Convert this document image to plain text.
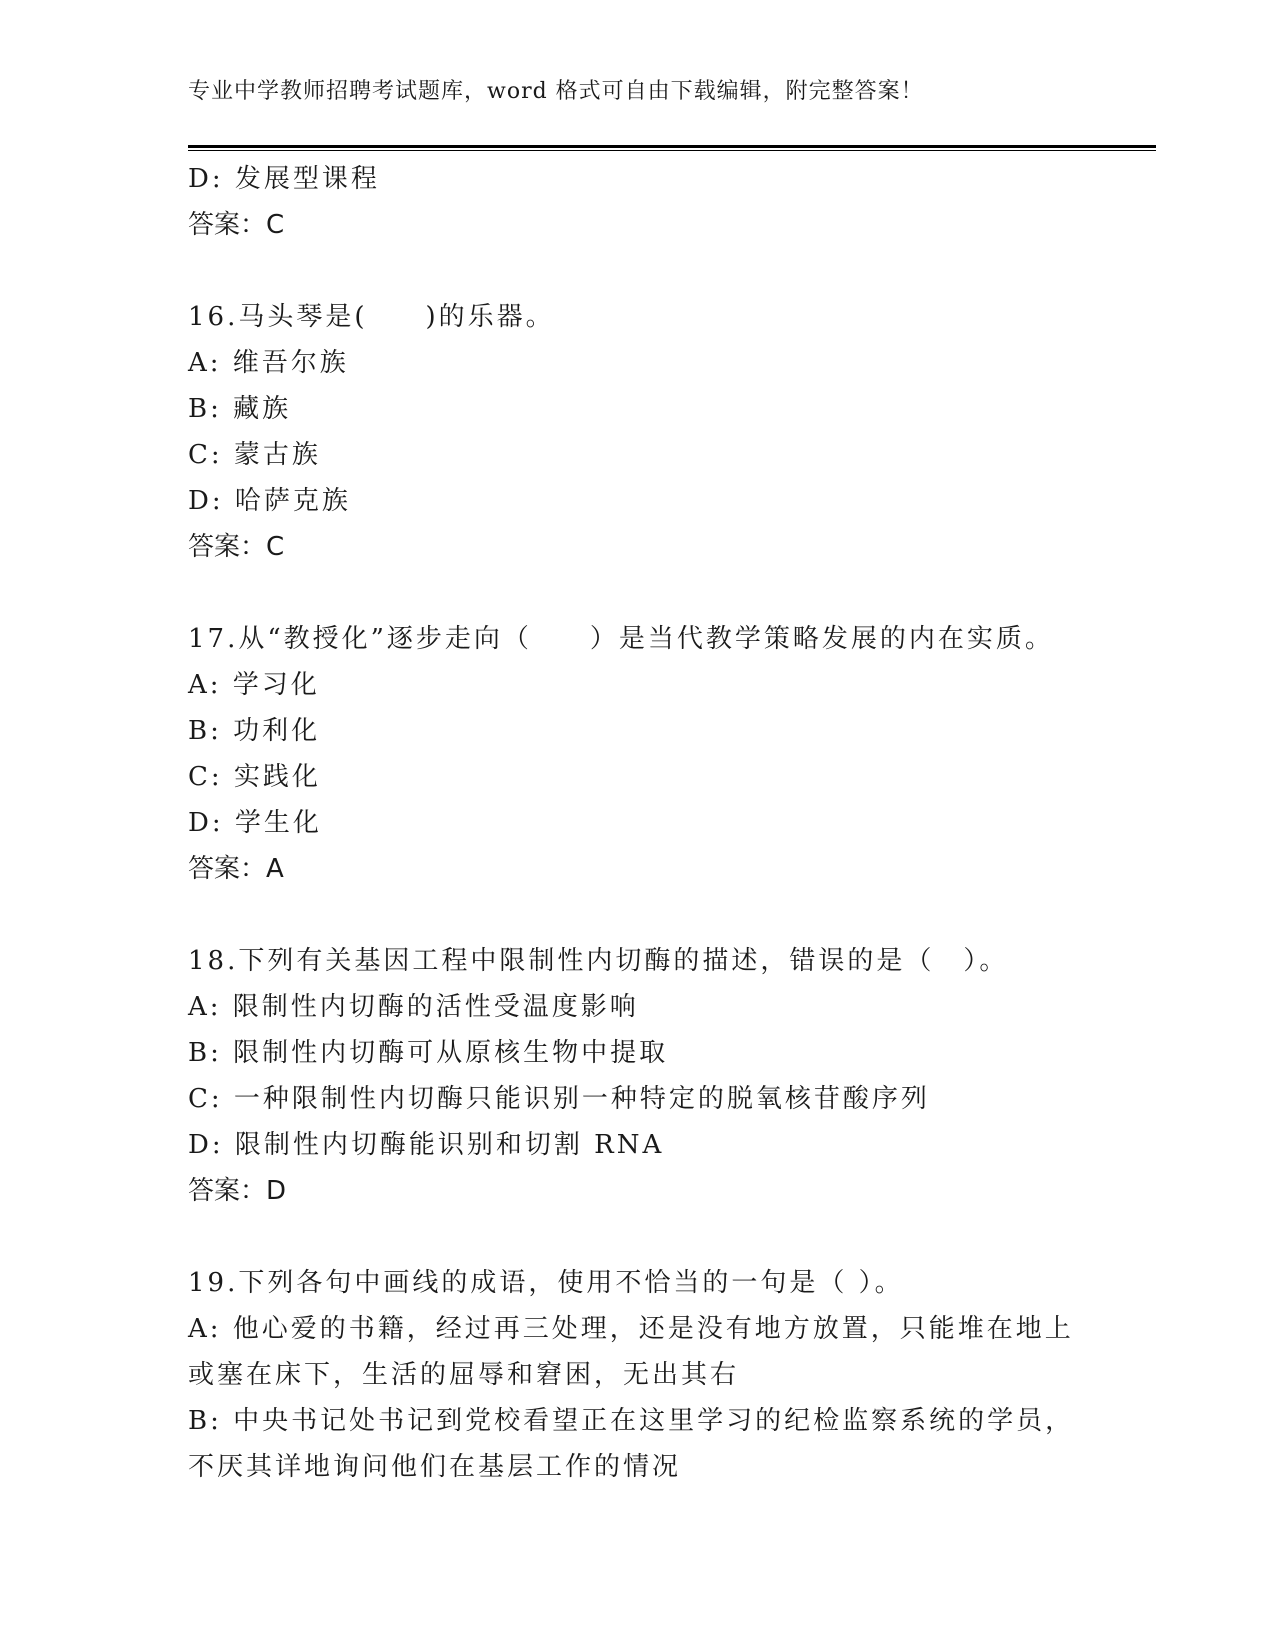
专业中学教师招聘考试题库，word 格式可自由下载编辑，附完整答案！
D: 发展型课程
答案：C
16.马头琴是(　　)的乐器。
A: 维吾尔族
B: 藏族
C: 蒙古族
D: 哈萨克族
答案：C
17.从“教授化”逐步走向（　　）是当代教学策略发展的内在实质。
A: 学习化
B: 功利化
C: 实践化
D: 学生化
答案：A
18.下列有关基因工程中限制性内切酶的描述，错误的是（　）。
A: 限制性内切酶的活性受温度影响
B: 限制性内切酶可从原核生物中提取
C: 一种限制性内切酶只能识别一种特定的脱氧核苷酸序列
D: 限制性内切酶能识别和切割 RNA
答案：D
19.下列各句中画线的成语，使用不恰当的一句是（ ）。
A: 他心爱的书籍，经过再三处理，还是没有地方放置，只能堆在地上
或塞在床下，生活的屈辱和窘困，无出其右
B: 中央书记处书记到党校看望正在这里学习的纪检监察系统的学员，
不厌其详地询问他们在基层工作的情况
